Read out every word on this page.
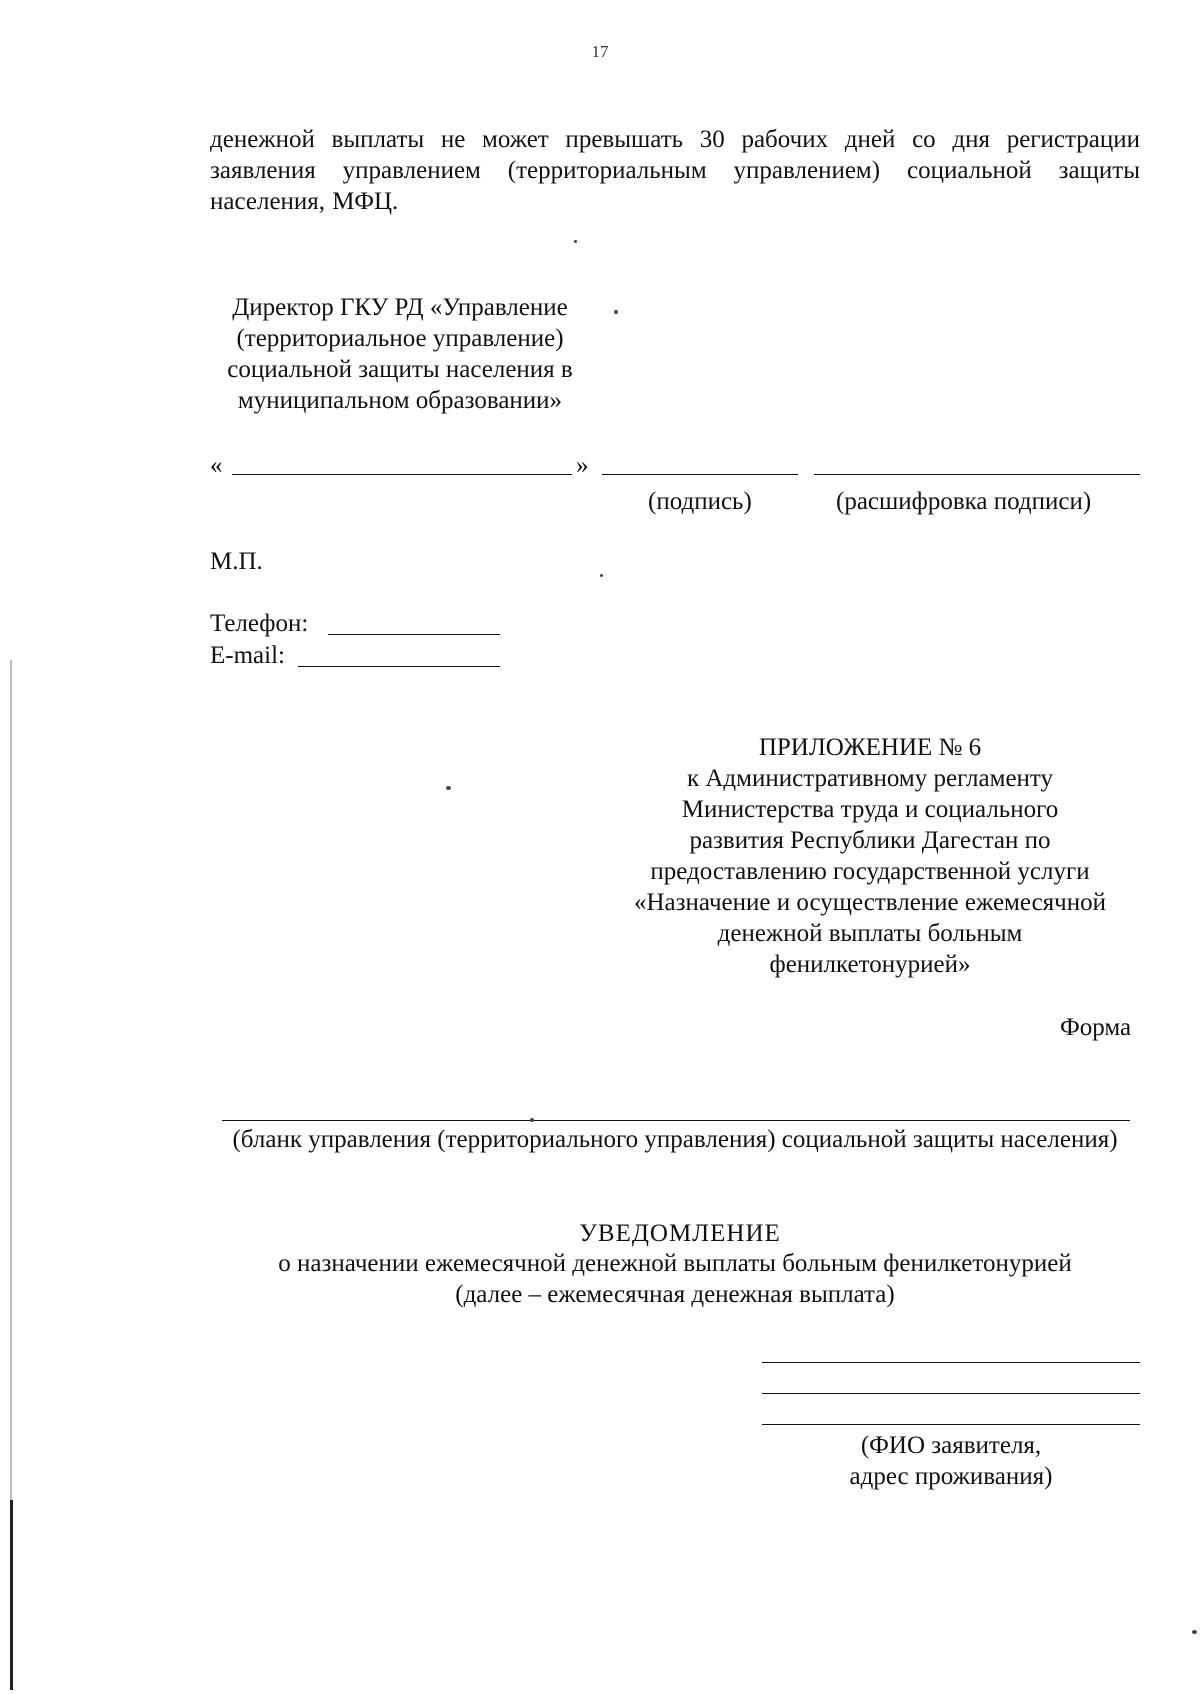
17
денежной выплаты не может превышать 30 рабочих дней со дня регистрации
заявления управлением (территориальным управлением) социальной защиты
населения, МФЦ.
Директор ГКУ РД «Управление
(территориальное управление)
социальной защиты населения в
муниципальном образовании»
«	»
(подпись)	(расшифровка подписи)
М.П.
Телефон:
E-mail:
ПРИЛОЖЕНИЕ № 6
к Административному регламенту
Министерства труда и социального
развития Республики Дагестан по
предоставлению государственной услуги
«Назначение и осуществление ежемесячной
денежной выплаты больным
фенилкетонурией»
Форма
(бланк управления (территориального управления) социальной защиты населения)
УВЕДОМЛЕНИЕ
о назначении ежемесячной денежной выплаты больным фенилкетонурией
(далее – ежемесячная денежная выплата)
(ФИО заявителя,
адрес проживания)
